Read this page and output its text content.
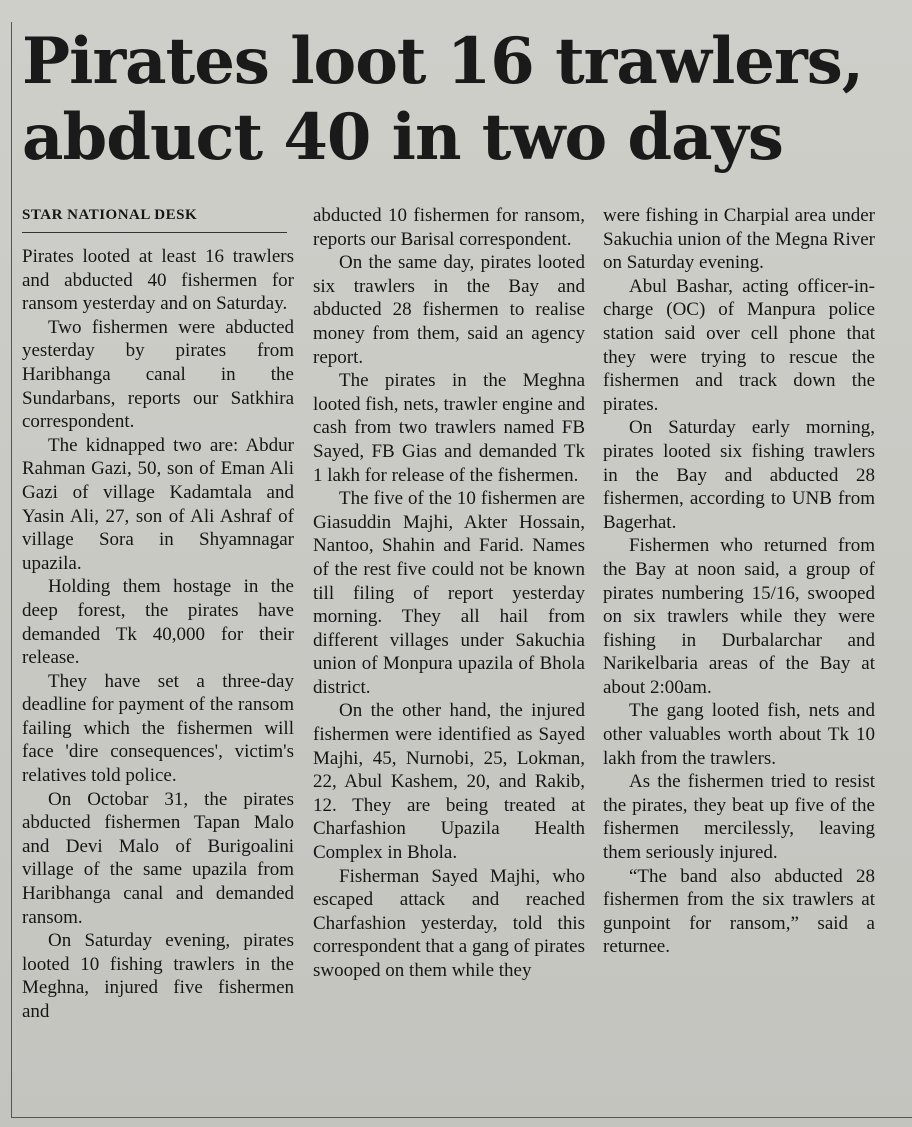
Pirates loot 16 trawlers,
abduct 40 in two days
STAR NATIONAL DESK

Pirates looted at least 16 trawlers and abducted 40 fishermen for ransom yesterday and on Saturday.

Two fishermen were abducted yesterday by pirates from Haribhanga canal in the Sundarbans, reports our Satkhira correspondent.

The kidnapped two are: Abdur Rahman Gazi, 50, son of Eman Ali Gazi of village Kadamtala and Yasin Ali, 27, son of Ali Ashraf of village Sora in Shyamnagar upazila.

Holding them hostage in the deep forest, the pirates have demanded Tk 40,000 for their release.

They have set a three-day deadline for payment of the ransom failing which the fishermen will face 'dire consequences', victim's relatives told police.

On Octobar 31, the pirates abducted fishermen Tapan Malo and Devi Malo of Burigoalini village of the same upazila from Haribhanga canal and demanded ransom.

On Saturday evening, pirates looted 10 fishing trawlers in the Meghna, injured five fishermen and

abducted 10 fishermen for ransom, reports our Barisal correspondent.

On the same day, pirates looted six trawlers in the Bay and abducted 28 fishermen to realise money from them, said an agency report.

The pirates in the Meghna looted fish, nets, trawler engine and cash from two trawlers named FB Sayed, FB Gias and demanded Tk 1 lakh for release of the fishermen.

The five of the 10 fishermen are Giasuddin Majhi, Akter Hossain, Nantoo, Shahin and Farid. Names of the rest five could not be known till filing of report yesterday morning. They all hail from different villages under Sakuchia union of Monpura upazila of Bhola district.

On the other hand, the injured fishermen were identified as Sayed Majhi, 45, Nurnobi, 25, Lokman, 22, Abul Kashem, 20, and Rakib, 12. They are being treated at Charfashion Upazila Health Complex in Bhola.

Fisherman Sayed Majhi, who escaped attack and reached Charfashion yesterday, told this correspondent that a gang of pirates swooped on them while they

were fishing in Charpial area under Sakuchia union of the Megna River on Saturday evening.

Abul Bashar, acting officer-in-charge (OC) of Manpura police station said over cell phone that they were trying to rescue the fishermen and track down the pirates.

On Saturday early morning, pirates looted six fishing trawlers in the Bay and abducted 28 fishermen, according to UNB from Bagerhat.

Fishermen who returned from the Bay at noon said, a group of pirates numbering 15/16, swooped on six trawlers while they were fishing in Durbalarchar and Narikelbaria areas of the Bay at about 2:00am.

The gang looted fish, nets and other valuables worth about Tk 10 lakh from the trawlers.

As the fishermen tried to resist the pirates, they beat up five of the fishermen mercilessly, leaving them seriously injured.

“The band also abducted 28 fishermen from the six trawlers at gunpoint for ransom,” said a returnee.
